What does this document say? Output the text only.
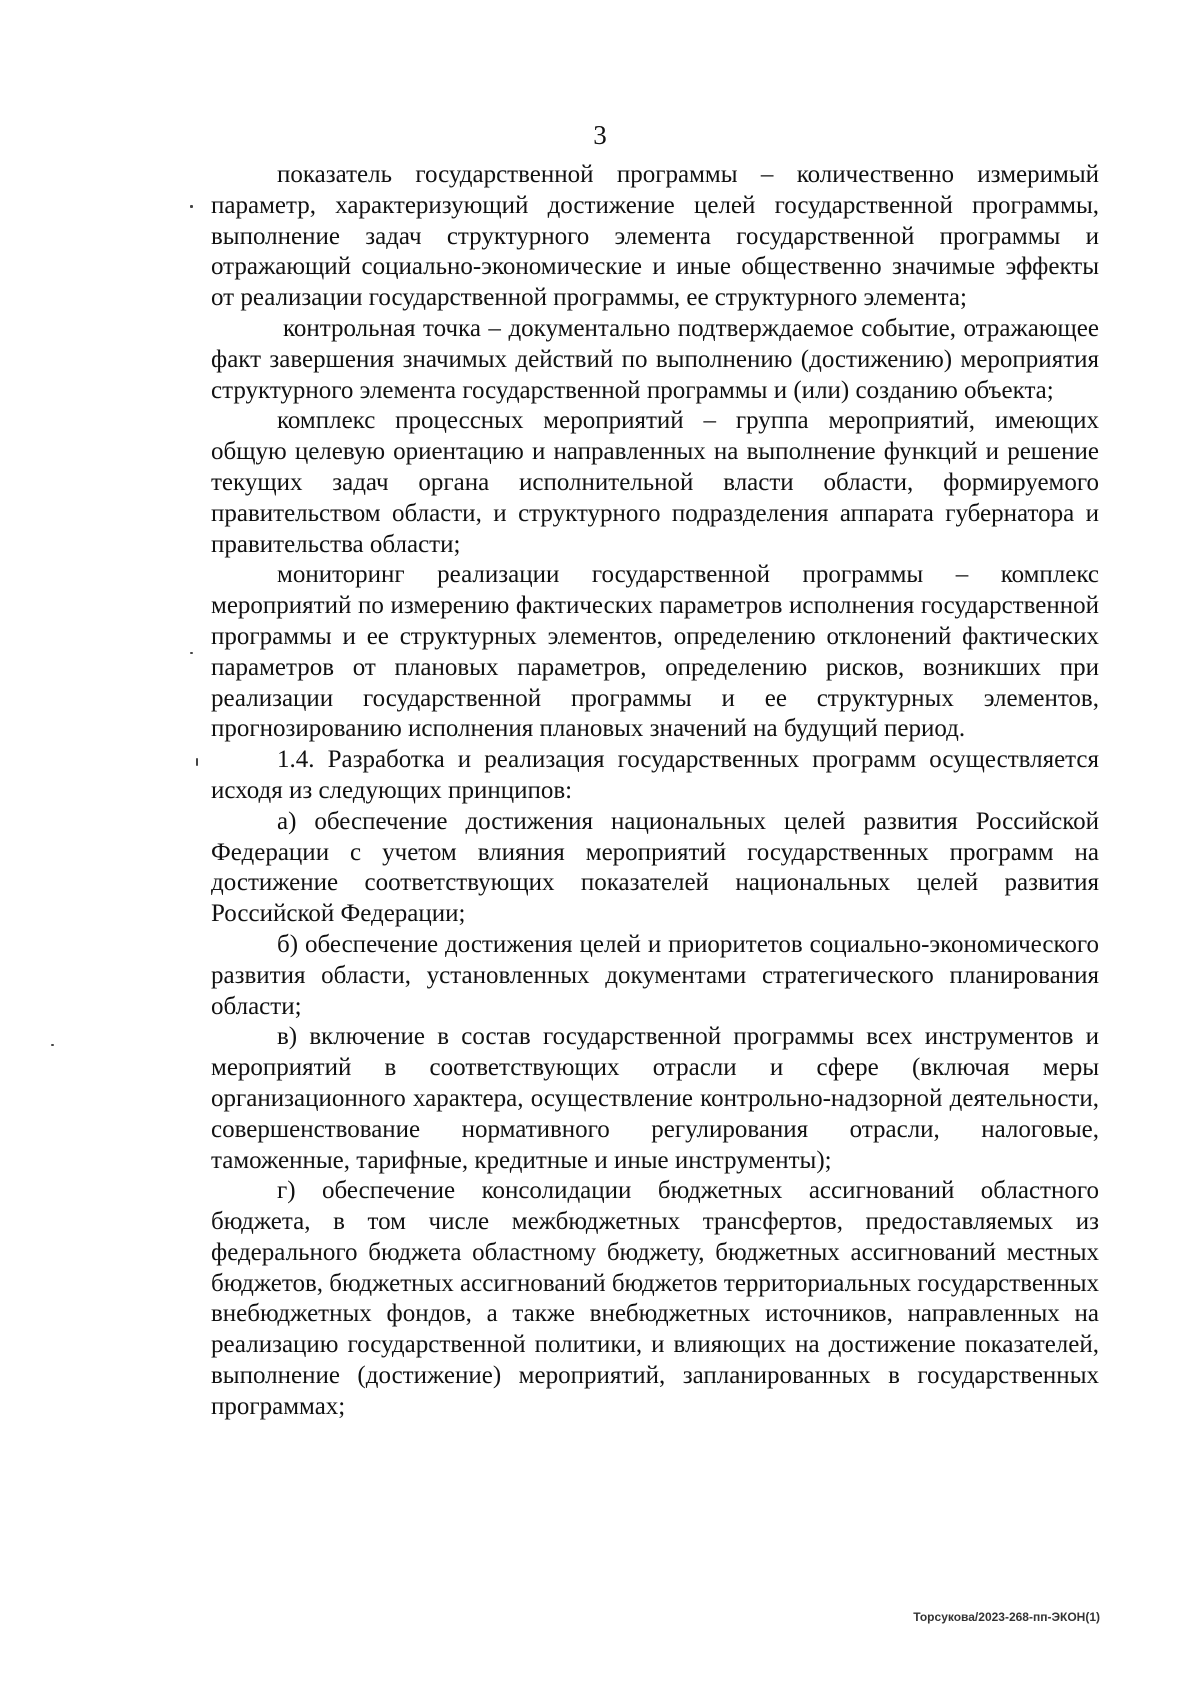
3

показатель государственной программы – количественно измеримый параметр, характеризующий достижение целей государственной программы, выполнение задач структурного элемента государственной программы и отражающий социально-экономические и иные общественно значимые эффекты от реализации государственной программы, ее структурного элемента;

контрольная точка – документально подтверждаемое событие, отражающее факт завершения значимых действий по выполнению (достижению) мероприятия структурного элемента государственной программы и (или) созданию объекта;

комплекс процессных мероприятий – группа мероприятий, имеющих общую целевую ориентацию и направленных на выполнение функций и решение текущих задач органа исполнительной власти области, формируемого правительством области, и структурного подразделения аппарата губернатора и правительства области;

мониторинг реализации государственной программы – комплекс мероприятий по измерению фактических параметров исполнения государственной программы и ее структурных элементов, определению отклонений фактических параметров от плановых параметров, определению рисков, возникших при реализации государственной программы и ее структурных элементов, прогнозированию исполнения плановых значений на будущий период.

1.4. Разработка и реализация государственных программ осуществляется исходя из следующих принципов:

а) обеспечение достижения национальных целей развития Российской Федерации с учетом влияния мероприятий государственных программ на достижение соответствующих показателей национальных целей развития Российской Федерации;

б) обеспечение достижения целей и приоритетов социально-экономического развития области, установленных документами стратегического планирования области;

в) включение в состав государственной программы всех инструментов и мероприятий в соответствующих отрасли и сфере (включая меры организационного характера, осуществление контрольно-надзорной деятельности, совершенствование нормативного регулирования отрасли, налоговые, таможенные, тарифные, кредитные и иные инструменты);

г) обеспечение консолидации бюджетных ассигнований областного бюджета, в том числе межбюджетных трансфертов, предоставляемых из федерального бюджета областному бюджету, бюджетных ассигнований местных бюджетов, бюджетных ассигнований бюджетов территориальных государственных внебюджетных фондов, а также внебюджетных источников, направленных на реализацию государственной политики, и влияющих на достижение показателей, выполнение (достижение) мероприятий, запланированных в государственных программах;

Торсукова/2023-268-пп-ЭКОН(1)
